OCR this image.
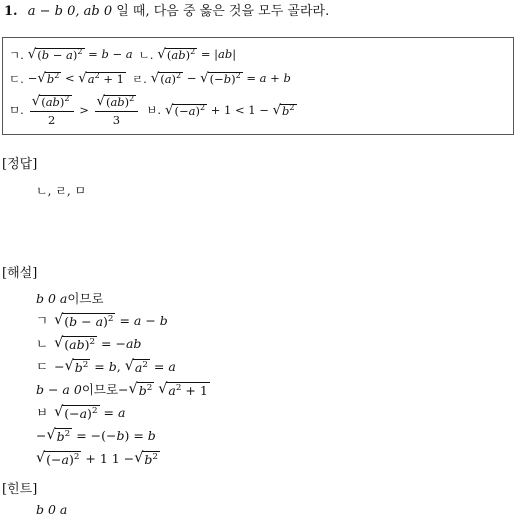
1. a − b 0, ab 0 일 때, 다음 중 옳은 것을 모두 골라라.
ㄱ. √ $(b - a)^2 = b - a$ ㄴ. √ (ab)$^2$ = |ab|
ㄷ. − √ $b^2$ < √ $a^2 + 1$ ㄹ. √ $(a)^2$ − √ $(-b)^2 = a + b$
ㅁ. $\frac{√ (ab)^2}{2} > \frac{√ (ab)^2}{3}$ ㅂ. √ $(-a)^2 + 1 < 1$ − √ $b^2$
[정답]
ㄴ, ㄹ, ㅁ
[해설]
b 0 a 이므로
ㄱ √ $(b - a)^2 = a - b$
ㄴ √ (ab)$^2$ = − ab
ㄷ − √ $b^2 = b$ , √ $a^2 = a$
b − a 0 이므로 − √ $b^2$
√ $a^2 + 1$
ㅂ √ $(-a)^2 = a$
− √ $b^2$ = −(− b ) = b
√ $(-a)^2 + 1$ 1 − √ $b^2$
[힌트]
b 0 a
